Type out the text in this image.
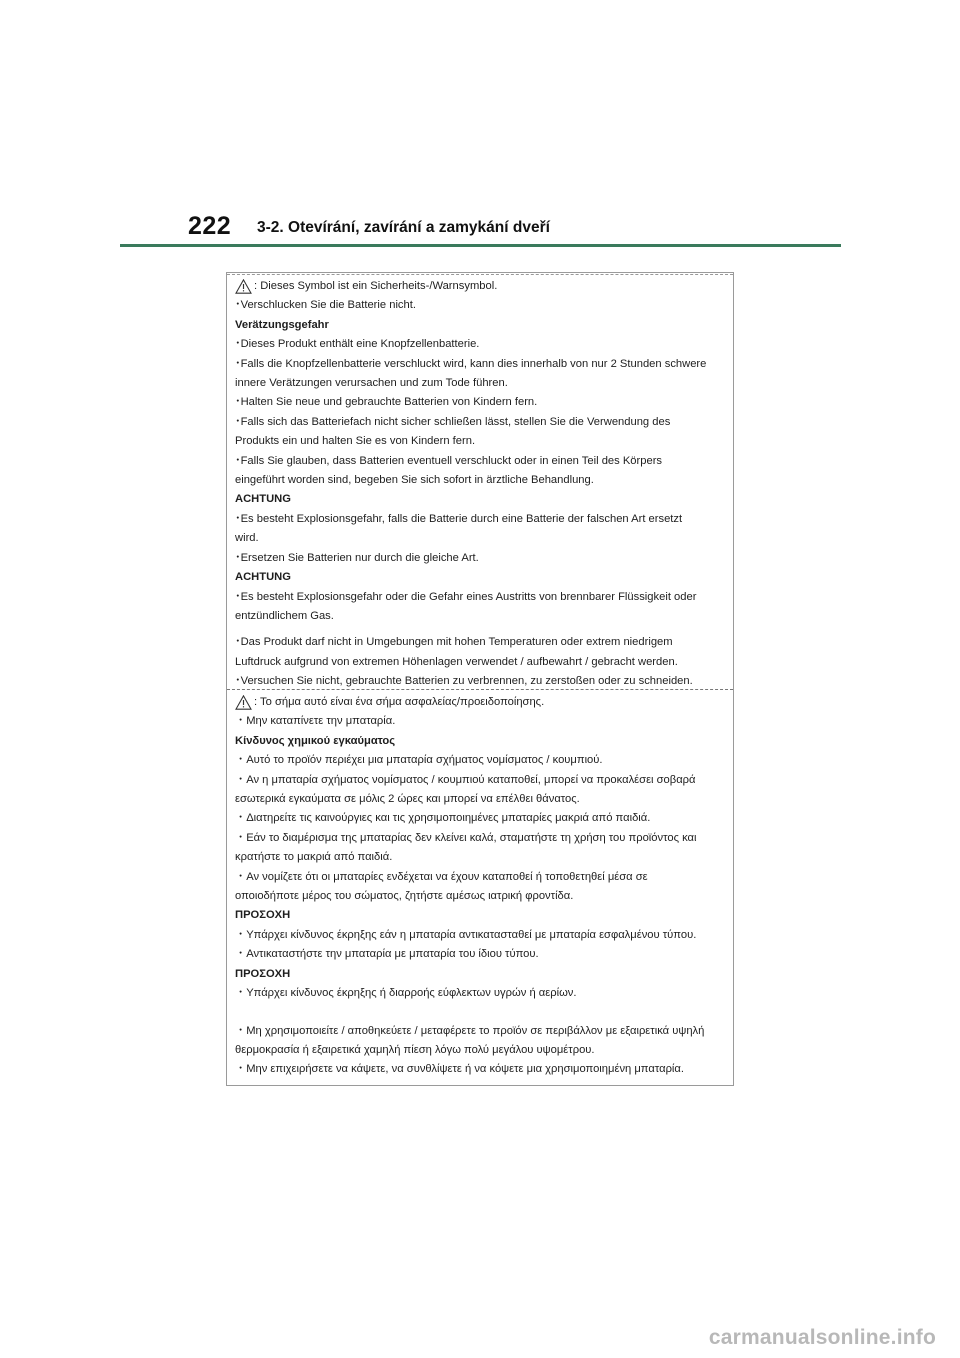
222 3-2. Otevírání, zavírání a zamykání dveří
: Dieses Symbol ist ein Sicherheits-/Warnsymbol.
･Verschlucken Sie die Batterie nicht.
Verätzungsgefahr
･Dieses Produkt enthält eine Knopfzellenbatterie.
･Falls die Knopfzellenbatterie verschluckt wird, kann dies innerhalb von nur 2 Stunden schwere
innere Verätzungen verursachen und zum Tode führen.
･Halten Sie neue und gebrauchte Batterien von Kindern fern.
･Falls sich das Batteriefach nicht sicher schließen lässt, stellen Sie die Verwendung des
Produkts ein und halten Sie es von Kindern fern.
･Falls Sie glauben, dass Batterien eventuell verschluckt oder in einen Teil des Körpers
eingeführt worden sind, begeben Sie sich sofort in ärztliche Behandlung.
ACHTUNG
･Es besteht Explosionsgefahr, falls die Batterie durch eine Batterie der falschen Art ersetzt
wird.
･Ersetzen Sie Batterien nur durch die gleiche Art.
ACHTUNG
･Es besteht Explosionsgefahr oder die Gefahr eines Austritts von brennbarer Flüssigkeit oder
entzündlichem Gas.
･Das Produkt darf nicht in Umgebungen mit hohen Temperaturen oder extrem niedrigem
Luftdruck aufgrund von extremen Höhenlagen verwendet / aufbewahrt / gebracht werden.
･Versuchen Sie nicht, gebrauchte Batterien zu verbrennen, zu zerstoßen oder zu schneiden.
: Το σήμα αυτό είναι ένα σήμα ασφαλείας/προειδοποίησης.
・Μην καταπίνετε την μπαταρία.
Κίνδυνος χημικού εγκαύματος
・Αυτό το προϊόν περιέχει μια μπαταρία σχήματος νομίσματος / κουμπιού.
・Αν η μπαταρία σχήματος νομίσματος / κουμπιού καταποθεί, μπορεί να προκαλέσει σοβαρά
εσωτερικά εγκαύματα σε μόλις 2 ώρες και μπορεί να επέλθει θάνατος.
・Διατηρείτε τις καινούργιες και τις χρησιμοποιημένες μπαταρίες μακριά από παιδιά.
・Εάν το διαμέρισμα της μπαταρίας δεν κλείνει καλά, σταματήστε τη χρήση του προϊόντος και
κρατήστε το μακριά από παιδιά.
・Αν νομίζετε ότι οι μπαταρίες ενδέχεται να έχουν καταποθεί ή τοποθετηθεί μέσα σε
οποιοδήποτε μέρος του σώματος, ζητήστε αμέσως ιατρική φροντίδα.
ΠΡΟΣΟΧΗ
・Υπάρχει κίνδυνος έκρηξης εάν η μπαταρία αντικατασταθεί με μπαταρία εσφαλμένου τύπου.
・Αντικαταστήστε την μπαταρία με μπαταρία του ίδιου τύπου.
ΠΡΟΣΟΧΗ
・Υπάρχει κίνδυνος έκρηξης ή διαρροής εύφλεκτων υγρών ή αερίων.
・Μη χρησιμοποιείτε / αποθηκεύετε / μεταφέρετε το προϊόν σε περιβάλλον με εξαιρετικά υψηλή
θερμοκρασία ή εξαιρετικά χαμηλή πίεση λόγω πολύ μεγάλου υψομέτρου.
・Μην επιχειρήσετε να κάψετε, να συνθλίψετε ή να κόψετε μια χρησιμοποιημένη μπαταρία.
carmanualsonline.info
